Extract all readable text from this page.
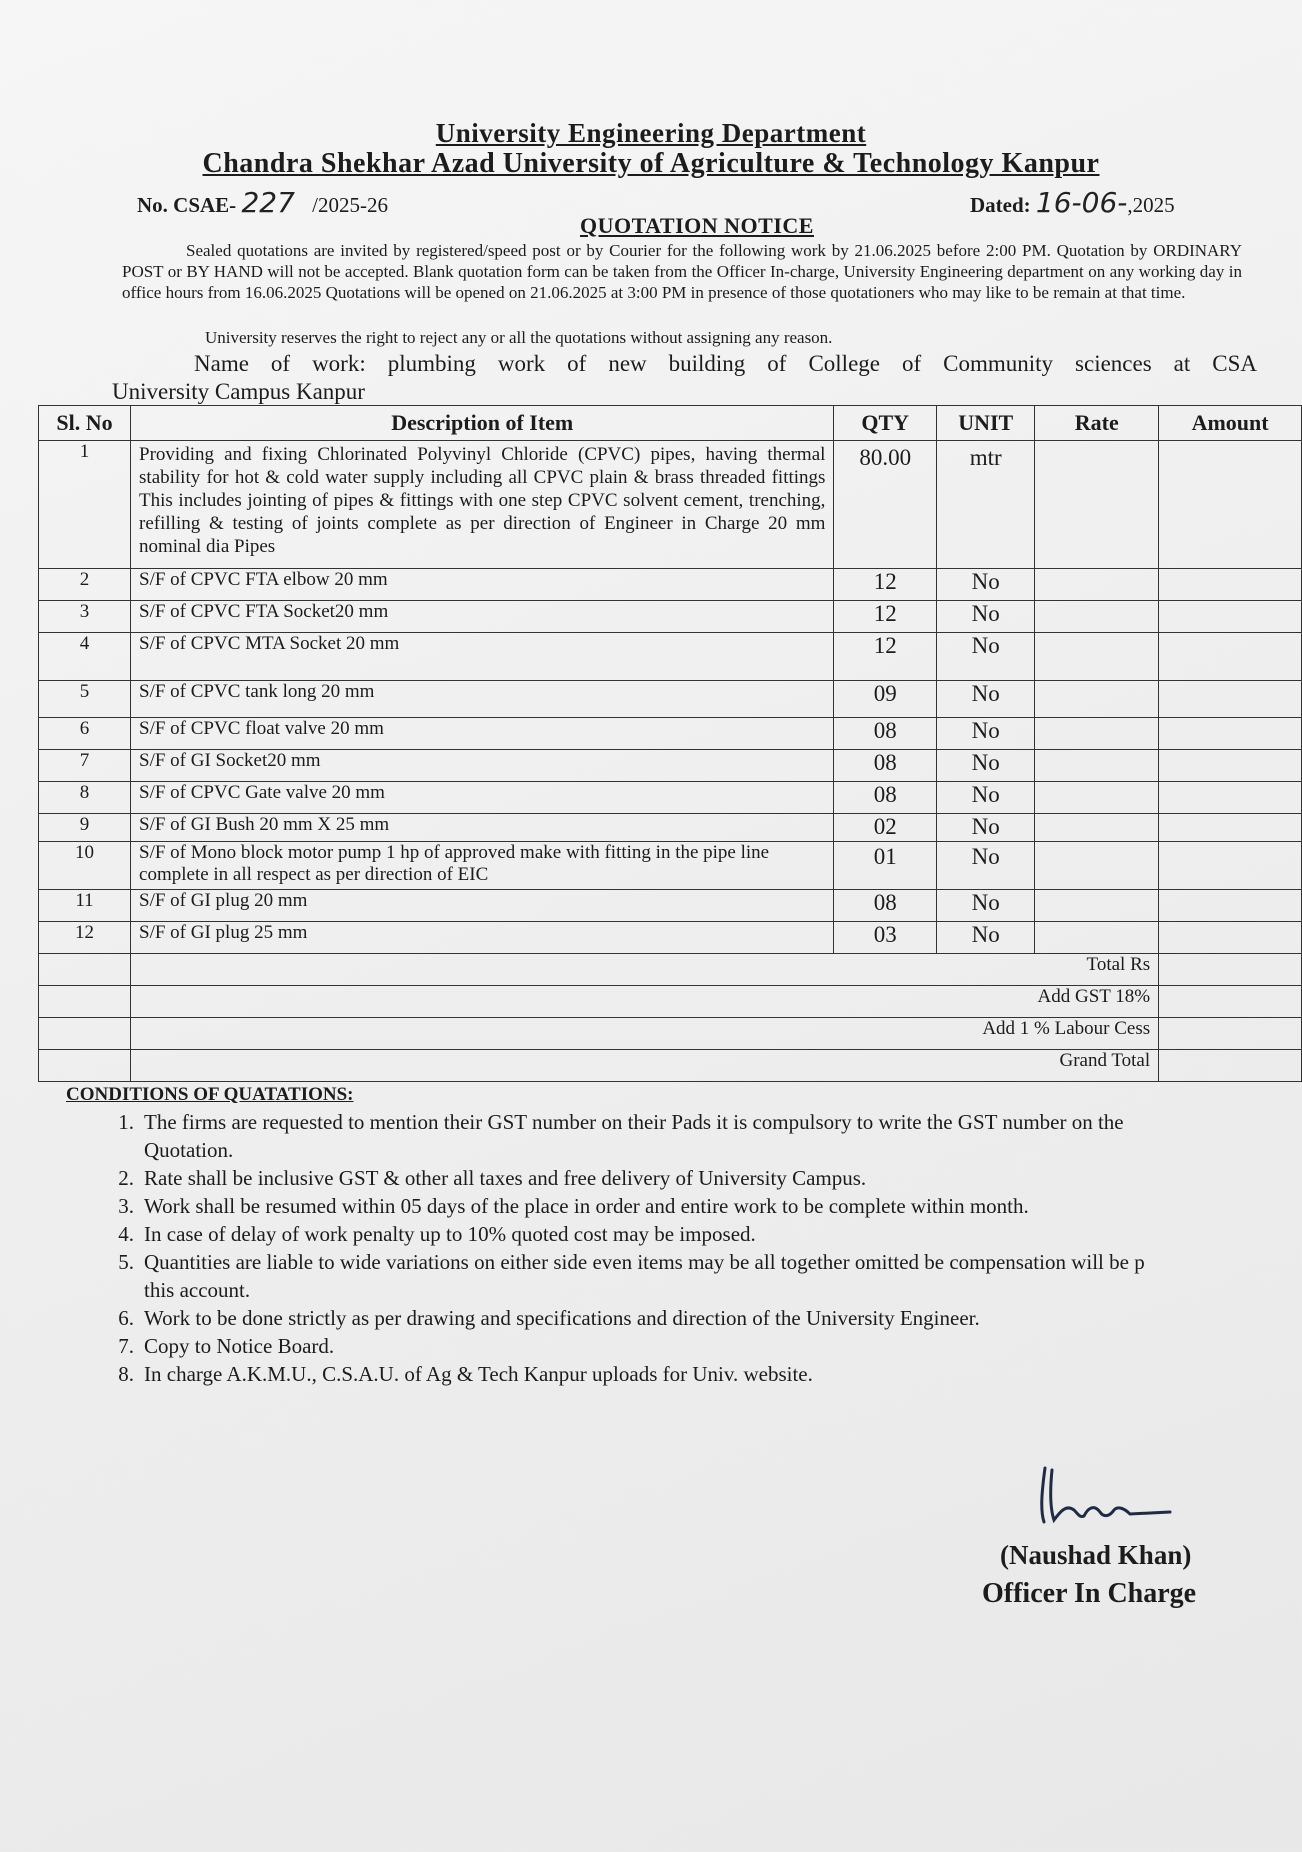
University Engineering Department
Chandra Shekhar Azad University of Agriculture & Technology Kanpur
No. CSAE- 227 /2025-26	Dated: 16-06-,2025
QUOTATION NOTICE

Sealed quotations are invited by registered/speed post or by Courier for the following work by 21.06.2025 before 2:00 PM. Quotation by ORDINARY POST or BY HAND will not be accepted. Blank quotation form can be taken from the Officer In-charge, University Engineering department on any working day in office hours from 16.06.2025 Quotations will be opened on 21.06.2025 at 3:00 PM in presence of those quotationers who may like to be remain at that time.

University reserves the right to reject any or all the quotations without assigning any reason.
Name of work: plumbing work of new building of College of Community sciences at CSA
University Campus Kanpur
Sl. No	Description of Item	QTY	UNIT	Rate	Amount
1	Providing and fixing Chlorinated Polyvinyl Chloride (CPVC) pipes, having thermal stability for hot & cold water supply including all CPVC plain & brass threaded fittings This includes jointing of pipes & fittings with one step CPVC solvent cement, trenching, refilling & testing of joints complete as per direction of Engineer in Charge 20 mm nominal dia Pipes	80.00	mtr		
2	S/F of CPVC FTA elbow 20 mm	12	No		
3	S/F of CPVC FTA Socket20 mm	12	No		
4	S/F of CPVC MTA Socket 20 mm	12	No		
5	S/F of CPVC tank long 20 mm	09	No		
6	S/F of CPVC float valve 20 mm	08	No		
7	S/F of GI Socket20 mm	08	No		
8	S/F of CPVC Gate valve 20 mm	08	No		
9	S/F of GI Bush 20 mm X 25 mm	02	No		
10	S/F of Mono block motor pump 1 hp of approved make with fitting in the pipe line complete in all respect as per direction of EIC	01	No		
11	S/F of GI plug 20 mm	08	No		
12	S/F of GI plug 25 mm	03	No		
	Total Rs				
	Add GST 18%				
	Add 1 % Labour Cess				
	Grand Total				
CONDITIONS OF QUATATIONS:
1. The firms are requested to mention their GST number on their Pads it is compulsory to write the GST number on the
Quotation.
2. Rate shall be inclusive GST & other all taxes and free delivery of University Campus.
3. Work shall be resumed within 05 days of the place in order and entire work to be complete within month.
4. In case of delay of work penalty up to 10% quoted cost may be imposed.
5. Quantities are liable to wide variations on either side even items may be all together omitted be compensation will be p
this account.
6. Work to be done strictly as per drawing and specifications and direction of the University Engineer.
7. Copy to Notice Board.
8. In charge A.K.M.U., C.S.A.U. of Ag & Tech Kanpur uploads for Univ. website.
(Naushad Khan)
Officer In Charge
